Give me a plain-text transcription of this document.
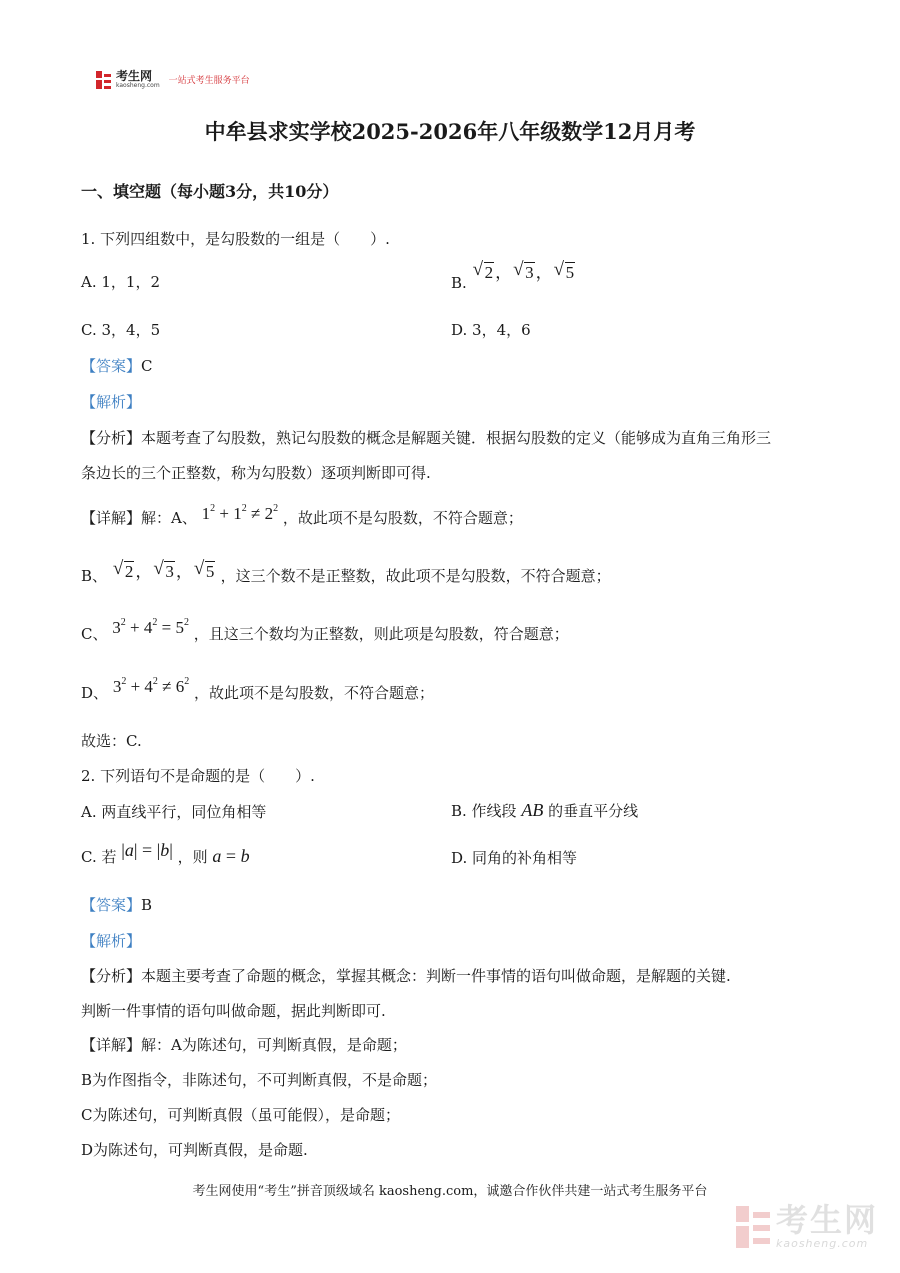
考生网
kaosheng.com 一站式考生服务平台
中牟县求实学校2025-2026年八年级数学12月月考
一、填空题（每小题3分，共10分）
1. 下列四组数中，是勾股数的一组是（　　）.
A. 1，1，2	B. √ 2 ， √ 3 ， √ 5
C. 3，4，5	D. 3，4，6
【答案】C
【解析】
【分析】本题考查了勾股数，熟记勾股数的概念是解题关键．根据勾股数的定义（能够成为直角三角形三
条边长的三个正整数，称为勾股数）逐项判断即可得.
【详解】解：A、 $1^2 + 1^2 \ne 2^2$ ，故此项不是勾股数，不符合题意；
B、 √ 2 ， √ 3 ， √ 5 ，这三个数不是正整数，故此项不是勾股数，不符合题意；
C、 $3^2 + 4^2 = 5^2$ ，且这三个数均为正整数，则此项是勾股数，符合题意；
D、 $3^2 + 4^2 \ne 6^2$ ，故此项不是勾股数，不符合题意；
故选：C.
2. 下列语句不是命题的是（　　）.
A. 两直线平行，同位角相等	B. 作线段 AB 的垂直平分线
C. 若 |a| = |b| ，则 a = b	D. 同角的补角相等
【答案】B
【解析】
【分析】本题主要考查了命题的概念，掌握其概念：判断一件事情的语句叫做命题，是解题的关键.
判断一件事情的语句叫做命题，据此判断即可.
【详解】解：A为陈述句，可判断真假，是命题；
B为作图指令，非陈述句，不可判断真假，不是命题；
C为陈述句，可判断真假（虽可能假），是命题；
D为陈述句，可判断真假，是命题.
考生网使用“考生”拼音顶级域名 kaosheng.com，诚邀合作伙伴共建一站式考生服务平台
考生网
kaosheng.com
